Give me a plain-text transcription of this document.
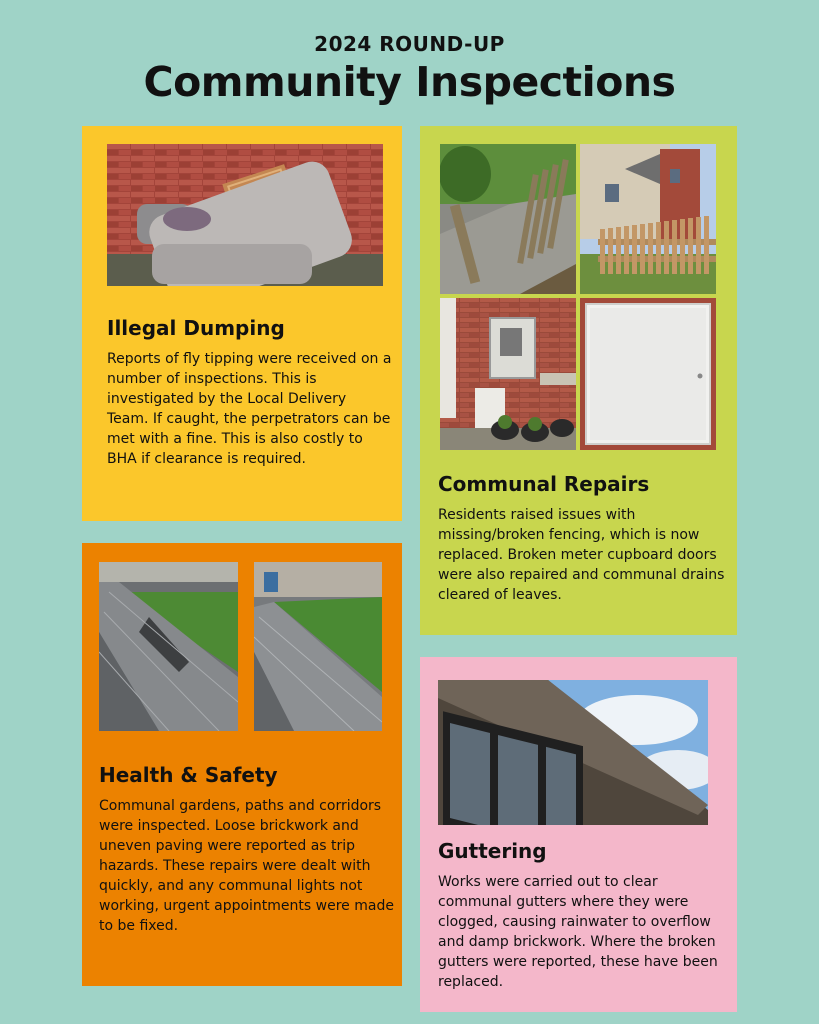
2024 ROUND-UP
Community Inspections
Illegal Dumping

Reports of fly tipping were received on a number of inspections. This is investigated by the Local Delivery Team. If caught, the perpetrators can be met with a fine. This is also costly to BHA if clearance is required.

Communal Repairs

Residents raised issues with missing/broken fencing, which is now replaced. Broken meter cupboard doors were also repaired and communal drains cleared of leaves.

Health & Safety

Communal gardens, paths and corridors were inspected. Loose brickwork and uneven paving were reported as trip hazards. These repairs were dealt with quickly, and any communal lights not working, urgent appointments were made to be fixed.

Guttering

Works were carried out to clear communal gutters where they were clogged, causing rainwater to overflow and damp brickwork. Where the broken gutters were reported, these have been replaced.
